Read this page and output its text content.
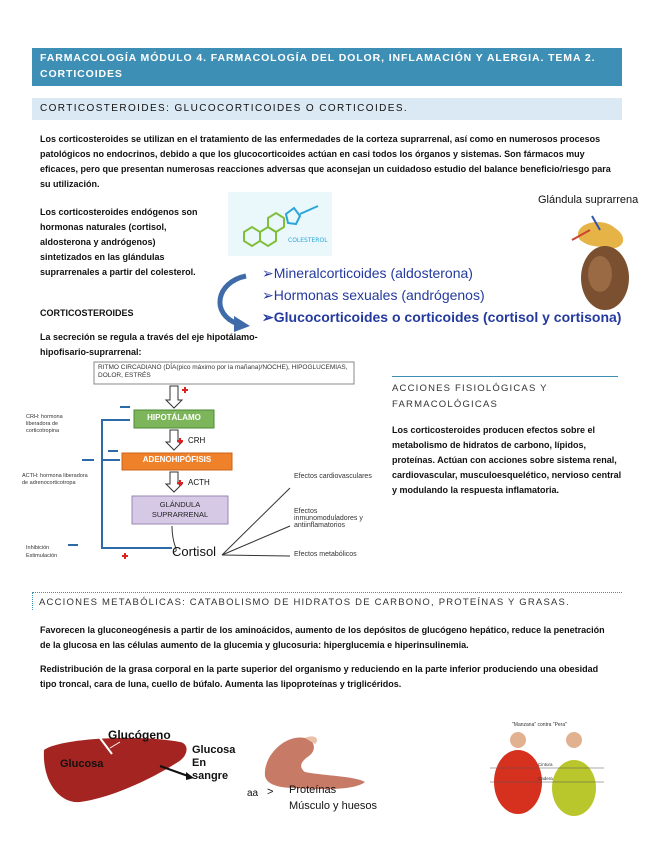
FARMACOLOGÍA MÓDULO 4. FARMACOLOGÍA DEL DOLOR, INFLAMACIÓN Y ALERGIA. TEMA 2. CORTICOIDES
CORTICOSTEROIDES: GLUCOCORTICOIDES O CORTICOIDES.
Los corticosteroides se utilizan en el tratamiento de las enfermedades de la corteza suprarrenal, así como en numerosos procesos patológicos no endocrinos, debido a que los glucocorticoides actúan en casi todos los órganos y sistemas. Son fármacos muy eficaces, pero que presentan numerosas reacciones adversas que aconsejan un cuidadoso estudio del balance beneficio/riesgo para su utilización.
Los corticosteroides endógenos son hormonas naturales (cortisol, aldosterona y andrógenos) sintetizados en las glándulas suprarrenales a partir del colesterol.
CORTICOSTEROIDES
La secreción se regula a través del eje hipotálamo-hipofisario-suprarrenal:
COLESTEROL
Glándula suprarrena
➢Mineralcorticoides (aldosterona)
➢Hormonas sexuales (andrógenos)
➢Glucocorticoides o corticoides (cortisol y cortisona)
RITMO CIRCADIANO (DÍA(pico máximo por la mañana)/NOCHE), HIPOGLUCEMIAS, DOLOR, ESTRÉS
HIPOTÁLAMO
ADENOHIPÓFISIS
GLÁNDULA SUPRARRENAL
CRH
ACTH
CRH: hormona liberadora de corticotropina
ACTH: hormona liberadora de adrenocorticotropa
Cortisol
Efectos cardiovasculares
Efectos inmunomoduladores y antiinflamatorios
Efectos metabólicos
Inhibición
Estimulación
ACCIONES FISIOLÓGICAS Y FARMACOLÓGICAS
Los corticosteroides producen efectos sobre el metabolismo de hidratos de carbono, lípidos, proteínas. Actúan con acciones sobre sistema renal, cardiovascular, musculoesquelético, nervioso central y modulando la respuesta inflamatoria.
ACCIONES METABÓLICAS: CATABOLISMO DE HIDRATOS DE CARBONO, PROTEÍNAS Y GRASAS.
Favorecen la gluconeogénesis a partir de los aminoácidos, aumento de los depósitos de glucógeno hepático, reduce la penetración de la glucosa en las células aumento de la glucemia y glucosuria: hiperglucemia e hiperinsulinemia.
Redistribución de la grasa corporal en la parte superior del organismo y reduciendo en la parte inferior produciendo una obesidad tipo troncal, cara de luna, cuello de búfalo. Aumenta las lipoproteínas y triglicéridos.
Glucógeno
Glucosa
Glucosa
En
sangre
aa > Proteínas
Músculo y huesos
"Manzana" contra "Pera"
Cintura
Cadera
